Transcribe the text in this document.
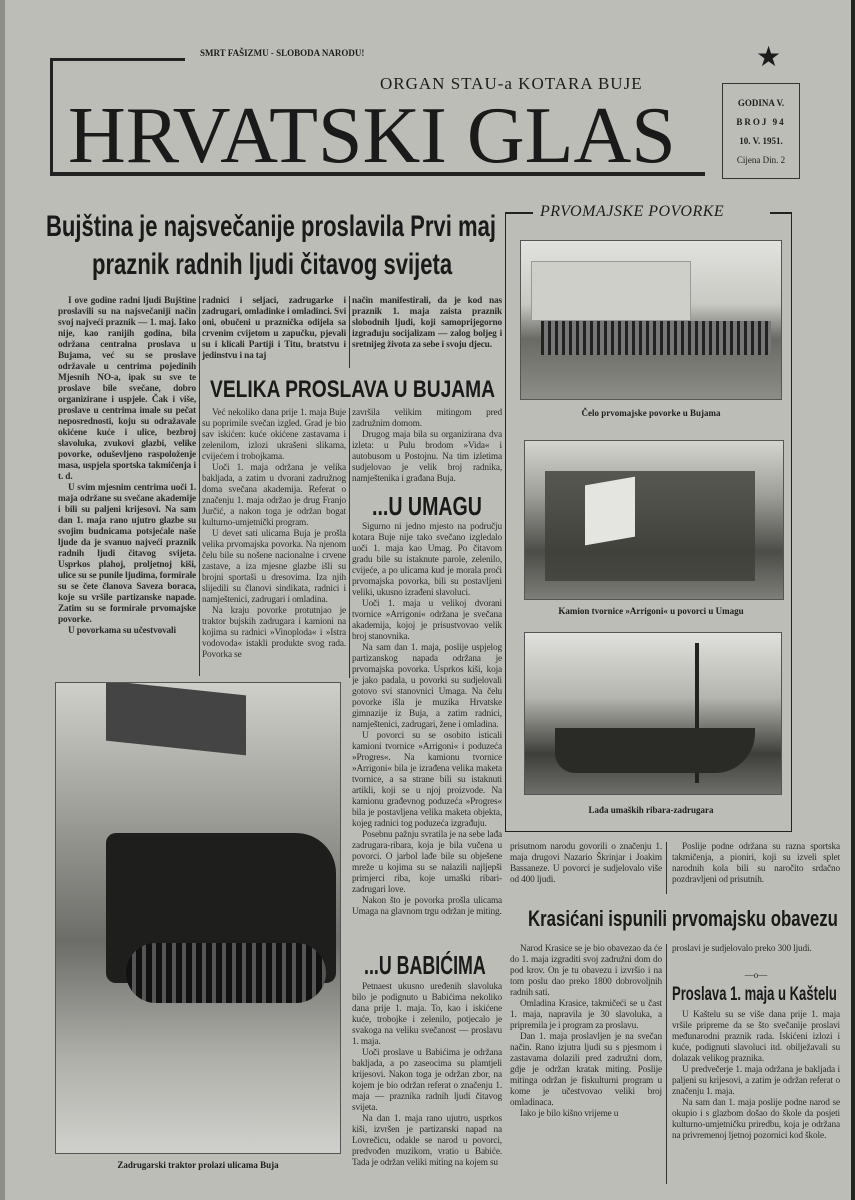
SMRT FAŠIZMU - SLOBODA NARODU!
ORGAN STAU-a KOTARA BUJE
HRVATSKI GLAS
★
GODINA V.
BROJ 94
10. V. 1951.
Cijena Din. 2
Bujština je najsvečanije proslavila Prvi maj
praznik radnih ljudi čitavog svijeta

I ove godine radni ljudi Bujštine proslavili su na najsvečaniji način svoj najveći praznik — 1. maj. Iako nije, kao ranijih godina, bila održana centralna proslava u Bujama, već su se proslave održavale u centrima pojedinih Mjesnih NO-a, ipak su sve te proslave bile svečane, dobro organizirane i uspjele. Čak i više, proslave u centrima imale su pečat neposrednosti, koju su odražavale okićene kuće i ulice, bezbroj slavoluka, zvukovi glazbi, velike povorke, oduševljeno raspoloženje masa, uspjela sportska takmičenja i t. d.

U svim mjesnim centrima uoči 1. maja održane su svečane akademije i bili su paljeni krijesovi. Na sam dan 1. maja rano ujutro glazbe su svojim budnicama potsjećale naše ljude da je svanuo najveći praznik radnih ljudi čitavog svijeta. Usprkos plahoj, proljetnoj kiši, ulice su se punile ljudima, formirale su se čete članova Saveza boraca, koje su vršile partizanske napade. Zatim su se formirale prvomajske povorke.

U povorkama su učestvovali

radnici i seljaci, zadrugarke i zadrugari, omladinke i omladinci. Svi oni, obučeni u praznička odijela sa crvenim cvijetom u zapučku, pjevali su i klicali Partiji i Titu, bratstvu i jedinstvu i na taj

način manifestirali, da je kod nas praznik 1. maja zaista praznik slobodnih ljudi, koji samoprijegorno izgrađuju socijalizam — zalog boljeg i sretnijeg života za sebe i svoju djecu.

VELIKA PROSLAVA U BUJAMA

Već nekoliko dana prije 1. maja Buje su poprimile svečan izgled. Grad je bio sav iskićen: kuće okićene zastavama i zelenilom, izlozi ukrašeni slikama, cvijećem i trobojkama.

Uoči 1. maja održana je velika bakljada, a zatim u dvorani zadružnog doma svečana akademija. Referat o značenju 1. maja održao je drug Franjo Jurčić, a nakon toga je održan bogat kulturno-umjetnički program.

U devet sati ulicama Buja je prošla velika prvomajska povorka. Na njenom čelu bile su nošene nacionalne i crvene zastave, a iza mjesne glazbe išli su brojni sportaši u dresovima. Iza njih slijedili su članovi sindikata, radnici i namještenici, zadrugari i omladina.

Na kraju povorke protutnjao je traktor bujskih zadrugara i kamioni na kojima su radnici »Vinoploda« i »Istra vodovoda« istakli produkte svog rada. Povorka se

završila velikim mitingom pred zadružnim domom.

Drugog maja bila su organizirana dva izleta: u Pulu brodom »Vida« i autobusom u Postojnu. Na tim izletima sudjelovao je velik broj radnika, namještenika i građana Buja.

...U UMAGU

Sigurno ni jedno mjesto na području kotara Buje nije tako svečano izgledalo uoči 1. maja kao Umag. Po čitavom gradu bile su istaknute parole, zelenilo, cvijeće, a po ulicama kud je morala proći prvomajska povorka, bili su postavljeni veliki, ukusno izrađeni slavoluci.

Uoči 1. maja u velikoj dvorani tvornice »Arrigoni« održana je svečana akademija, kojoj je prisustvovao velik broj stanovnika.

Na sam dan 1. maja, poslije uspjelog partizanskog napada održana je prvomajska povorka. Usprkos kiši, koja je jako padala, u povorki su sudjelovali gotovo svi stanovnici Umaga. Na čelu povorke išla je muzika Hrvatske gimnazije iz Buja, a zatim radnici, namještenici, zadrugari, žene i omladina.

U povorci su se osobito isticali kamioni tvornice »Arrigoni« i poduzeća »Progres«. Na kamionu tvornice »Arrigoni« bila je izrađena velika maketa tvornice, a sa strane bili su istaknuti artikli, koji se u njoj proizvode. Na kamionu građevnog poduzeća »Progres« bila je postavljena velika maketa objekta, kojeg radnici tog poduzeća izgrađuju.

Posebnu pažnju svratila je na sebe lađa zadrugara-ribara, koja je bila vučena u povorci. O jarbol lađe bile su obješene mreže u kojima su se nalazili najljepši primjerci riba, koje umaški ribari-zadrugari love.

Nakon što je povorka prošla ulicama Umaga na glavnom trgu održan je miting.

...U BABIĆIMA

Petnaest ukusno uređenih slavoluka bilo je podignuto u Babićima nekoliko dana prije 1. maja. To, kao i iskićene kuće, trobojke i zelenilo, potjecalo je svakoga na veliku svečanost — proslavu 1. maja.

Uoči proslave u Babićima je održana bakljada, a po zaseocima su plamtjeli krijesovi. Nakon toga je održan zbor, na kojem je bio održan referat o značenju 1. maja — praznika radnih ljudi čitavog svijeta.

Na dan 1. maja rano ujutro, usprkos kiši, izvršen je partizanski napad na Lovrečicu, odakle se narod u povorci, predvođen muzikom, vratio u Babiće. Tada je održan veliki miting na kojem su

prisutnom narodu govorili o značenju 1. maja drugovi Nazario Škrinjar i Joakim Bassaneze. U povorci je sudjelovalo više od 400 ljudi.

Poslije podne održana su razna sportska takmičenja, a pioniri, koji su izveli splet narodnih kola bili su naročito srdačno pozdravljeni od prisutnih.

PRVOMAJSKE POVORKE
Čelo prvomajske povorke u Bujama
Kamion tvornice »Arrigoni« u povorci u Umagu
Lađa umaških ribara-zadrugara
Zadrugarski traktor prolazi ulicama Buja
Krasićani ispunili prvomajsku obavezu

Narod Krasice se je bio obavezao da će do 1. maja izgraditi svoj zadružni dom do pod krov. On je tu obavezu i izvršio i na tom poslu dao preko 1800 dobrovoljnih radnih sati.

Omladina Krasice, takmičeći se u čast 1. maja, napravila je 30 slavoluka, a pripremila je i program za proslavu.

Dan 1. maja proslavljen je na svečan način. Rano izjutra ljudi su s pjesmom i zastavama dolazili pred zadružni dom, gdje je održan kratak miting. Poslije mitinga održan je fiskulturni program u kome je učestvovao veliki broj omladinaca.

Iako je bilo kišno vrijeme u

proslavi je sudjelovalo preko 300 ljudi.

—o—
Proslava 1. maja u Kaštelu

U Kaštelu su se više dana prije 1. maja vršile pripreme da se što svečanije proslavi međunarodni praznik rada. Iskićeni izlozi i kuće, podignuti slavoluci itd. obilježavali su dolazak velikog praznika.

U predvečerje 1. maja održana je bakljada i paljeni su krijesovi, a zatim je održan referat o značenju 1. maja.

Na sam dan 1. maja poslije podne narod se okupio i s glazbom došao do škole da posjeti kulturno-umjetničku priredbu, koja je održana na privremenoj ljetnoj pozornici kod škole.
